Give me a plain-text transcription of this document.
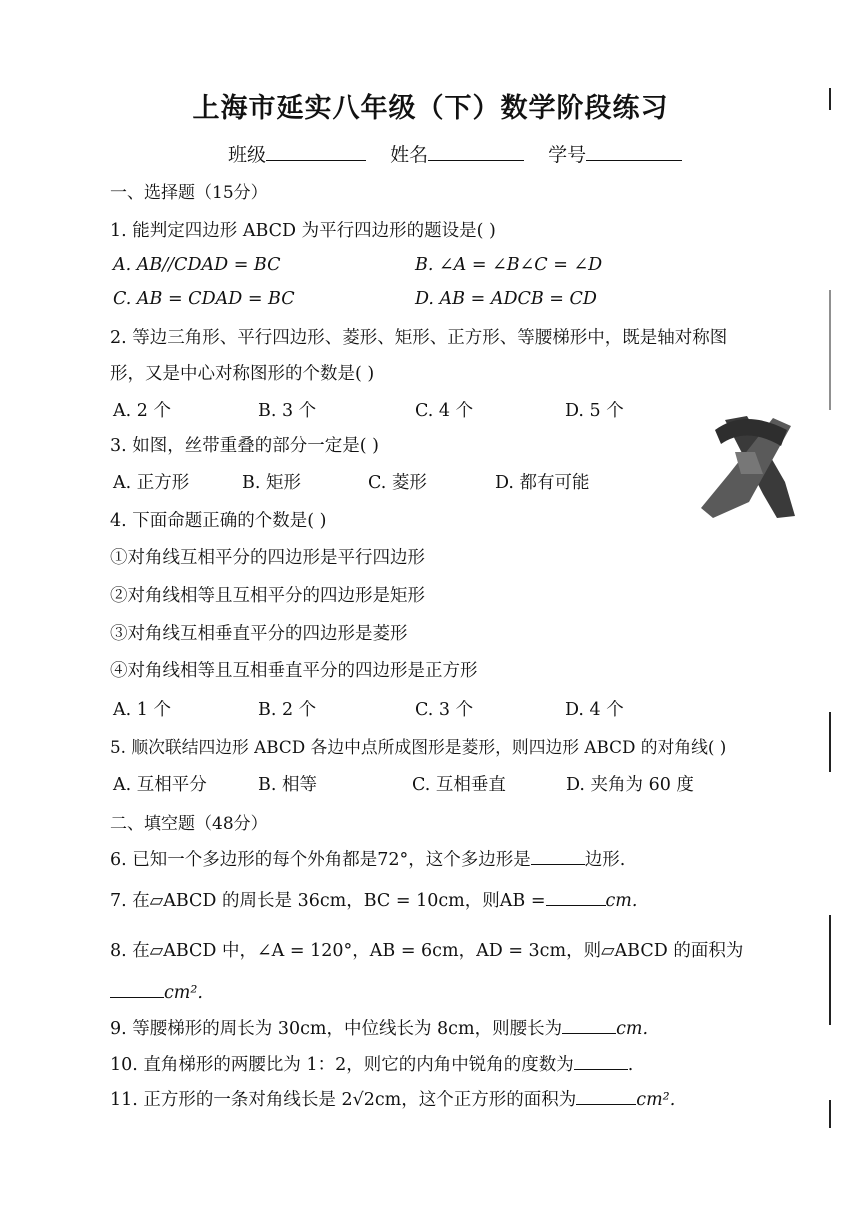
上海市延实八年级（下）数学阶段练习
班级	姓名	学号
一、选择题（15分）
1. 能判定四边形 ABCD 为平行四边形的题设是( )
A. AB//CDAD = BC	B. ∠A = ∠B∠C = ∠D
C. AB = CDAD = BC	D. AB = ADCB = CD
2. 等边三角形、平行四边形、菱形、矩形、正方形、等腰梯形中，既是轴对称图
形，又是中心对称图形的个数是( )
A. 2 个	B. 3 个	C. 4 个	D. 5 个
3. 如图，丝带重叠的部分一定是( )
A. 正方形	B. 矩形	C. 菱形	D. 都有可能
4. 下面命题正确的个数是( )
①对角线互相平分的四边形是平行四边形
②对角线相等且互相平分的四边形是矩形
③对角线互相垂直平分的四边形是菱形
④对角线相等且互相垂直平分的四边形是正方形
A. 1 个	B. 2 个	C. 3 个	D. 4 个
5. 顺次联结四边形 ABCD 各边中点所成图形是菱形，则四边形 ABCD 的对角线( )
A. 互相平分	B. 相等	C. 互相垂直	D. 夹角为 60 度
二、填空题（48分）
6. 已知一个多边形的每个外角都是72°，这个多边形是	边形.
7. 在▱ABCD 的周长是 36cm，BC = 10cm，则AB =	cm.
8. 在▱ABCD 中，∠A = 120°，AB = 6cm，AD = 3cm，则▱ABCD 的面积为
cm².
9. 等腰梯形的周长为 30cm，中位线长为 8cm，则腰长为	cm.
10. 直角梯形的两腰比为 1：2，则它的内角中锐角的度数为	.
11. 正方形的一条对角线长是 2√2cm，这个正方形的面积为	cm².
